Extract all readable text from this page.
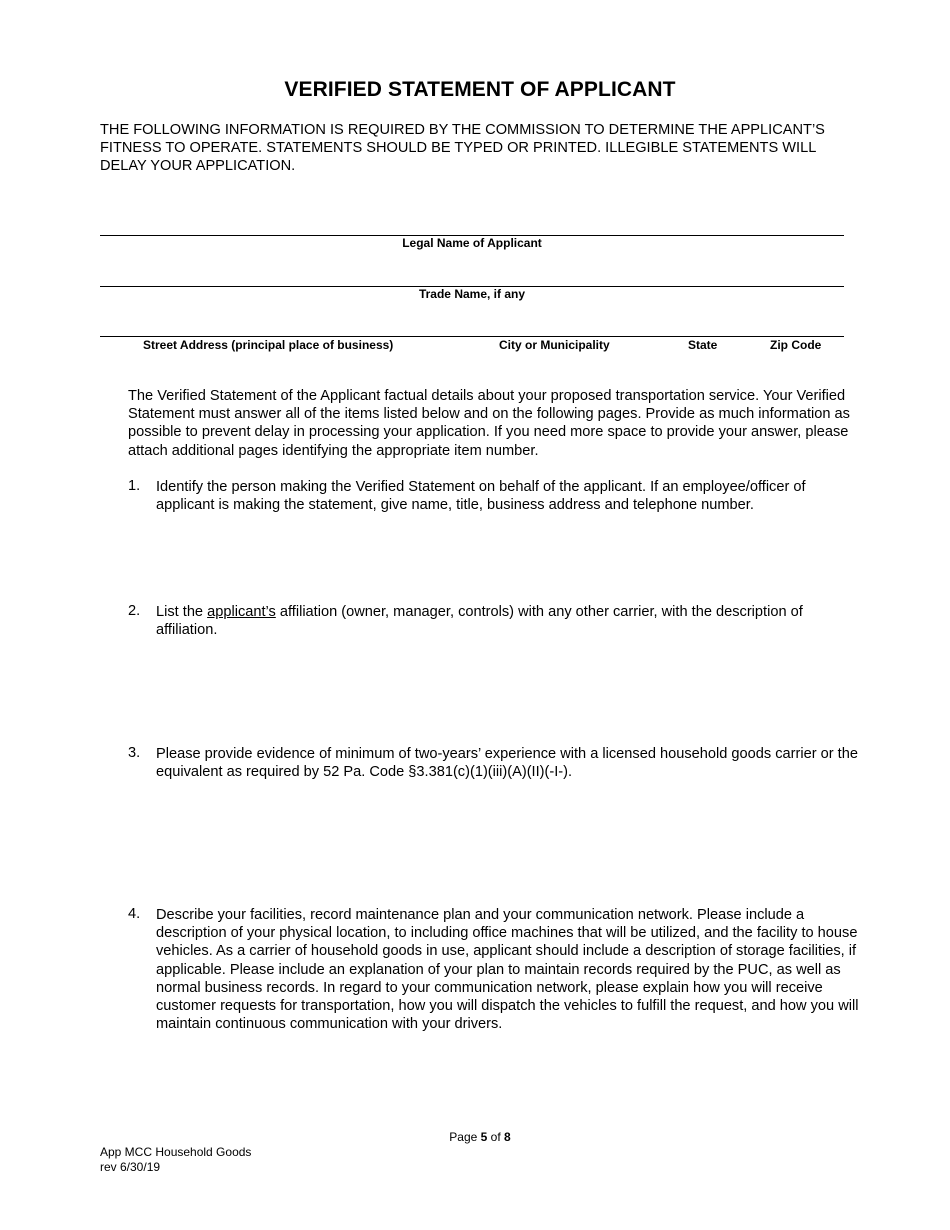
VERIFIED STATEMENT OF APPLICANT
THE FOLLOWING INFORMATION IS REQUIRED BY THE COMMISSION TO DETERMINE THE APPLICANT’S FITNESS TO OPERATE. STATEMENTS SHOULD BE TYPED OR PRINTED. ILLEGIBLE STATEMENTS WILL DELAY YOUR APPLICATION.
Legal Name of Applicant
Trade Name, if any
Street Address (principal place of business)	City or Municipality	State	Zip Code
The Verified Statement of the Applicant factual details about your proposed transportation service. Your Verified Statement must answer all of the items listed below and on the following pages. Provide as much information as possible to prevent delay in processing your application. If you need more space to provide your answer, please attach additional pages identifying the appropriate item number.
1. Identify the person making the Verified Statement on behalf of the applicant. If an employee/officer of applicant is making the statement, give name, title, business address and telephone number.
2. List the applicant’s affiliation (owner, manager, controls) with any other carrier, with the description of affiliation.
3. Please provide evidence of minimum of two-years’ experience with a licensed household goods carrier or the equivalent as required by 52 Pa. Code §3.381(c)(1)(iii)(A)(II)(-I-).
4. Describe your facilities, record maintenance plan and your communication network. Please include a description of your physical location, to including office machines that will be utilized, and the facility to house vehicles. As a carrier of household goods in use, applicant should include a description of storage facilities, if applicable. Please include an explanation of your plan to maintain records required by the PUC, as well as normal business records. In regard to your communication network, please explain how you will receive customer requests for transportation, how you will dispatch the vehicles to fulfill the request, and how you will maintain continuous communication with your drivers.
Page 5 of 8
App MCC Household Goods
rev 6/30/19
